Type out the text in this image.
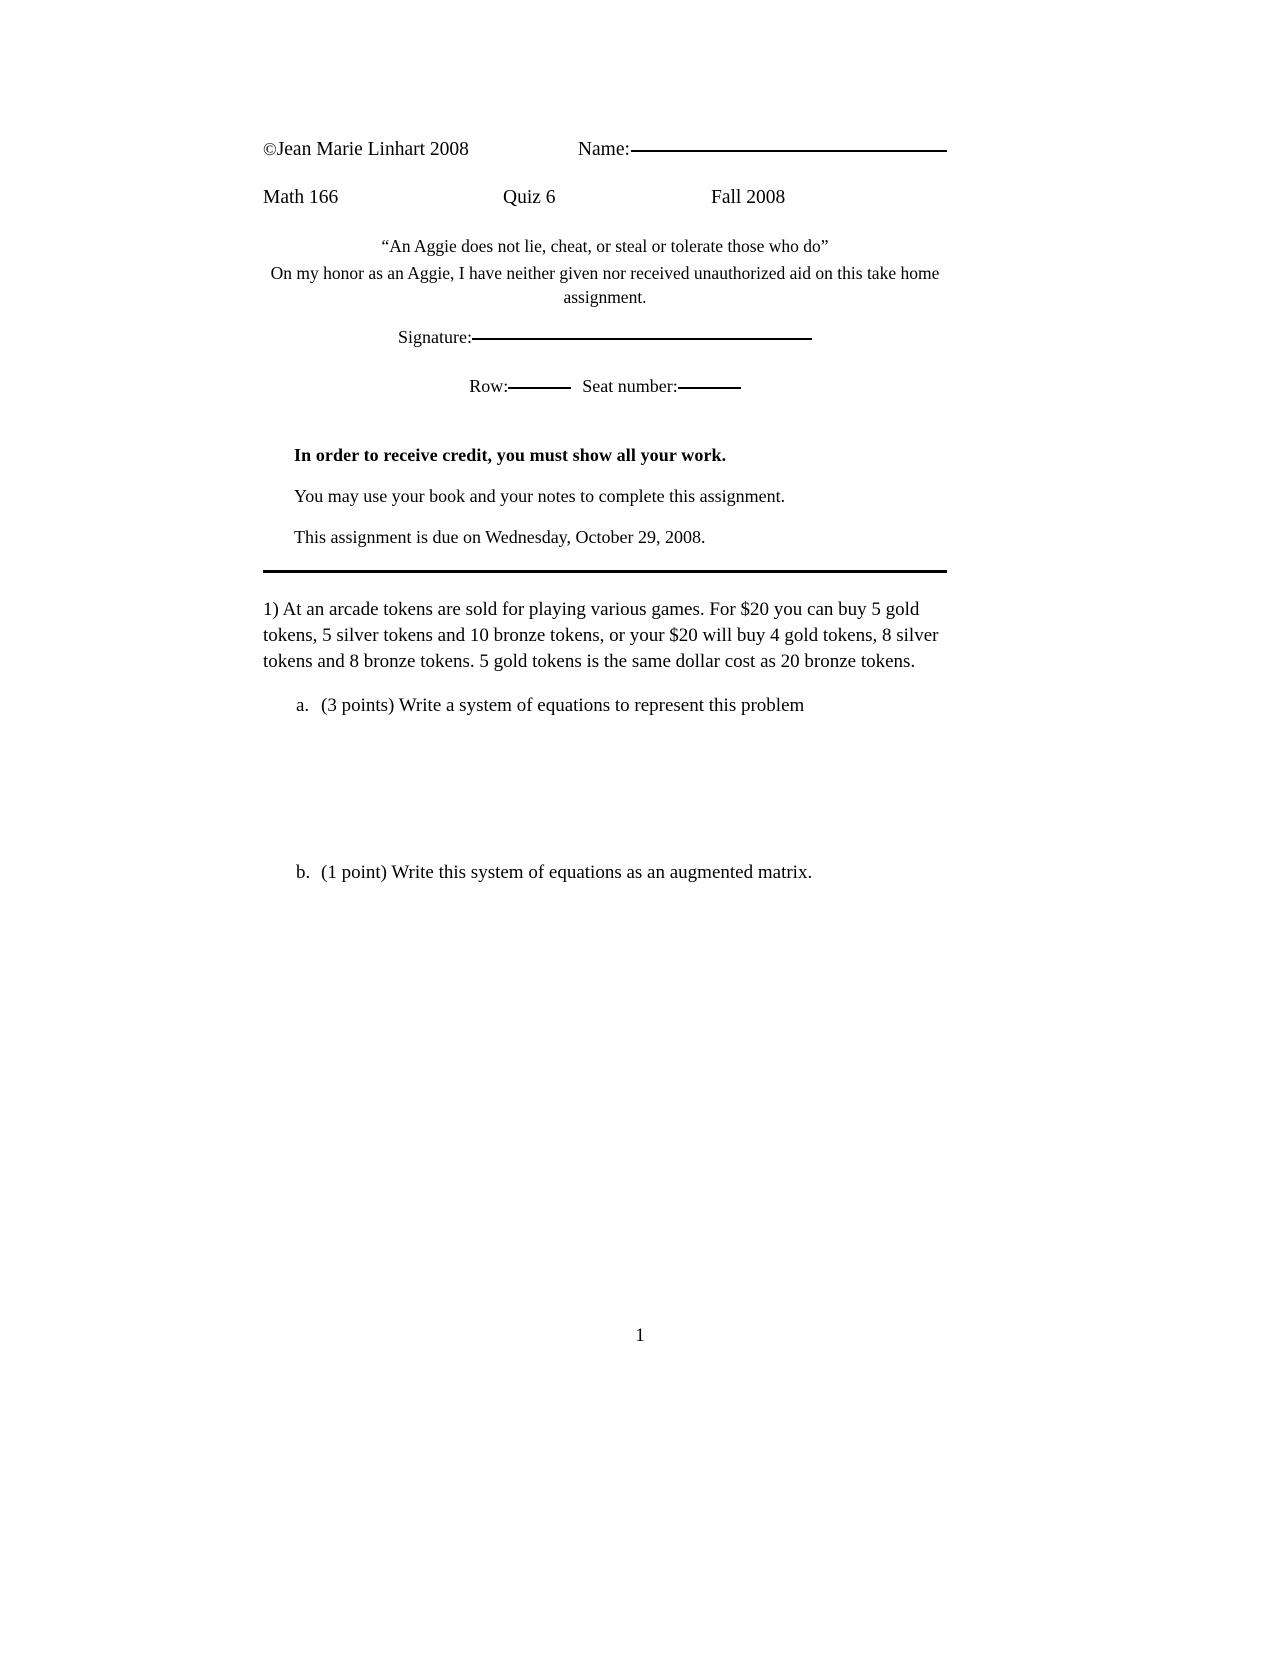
©Jean Marie Linhart 2008	Name:
Math 166	Quiz 6	Fall 2008
“An Aggie does not lie, cheat, or steal or tolerate those who do”
On my honor as an Aggie, I have neither given nor received unauthorized aid on this take home assignment.
Signature:
Row:	Seat number:
In order to receive credit, you must show all your work.
You may use your book and your notes to complete this assignment.
This assignment is due on Wednesday, October 29, 2008.

1) At an arcade tokens are sold for playing various games. For $20 you can buy 5 gold tokens, 5 silver tokens and 10 bronze tokens, or your $20 will buy 4 gold tokens, 8 silver tokens and 8 bronze tokens. 5 gold tokens is the same dollar cost as 20 bronze tokens.

a. (3 points) Write a system of equations to represent this problem
b. (1 point) Write this system of equations as an augmented matrix.
1
